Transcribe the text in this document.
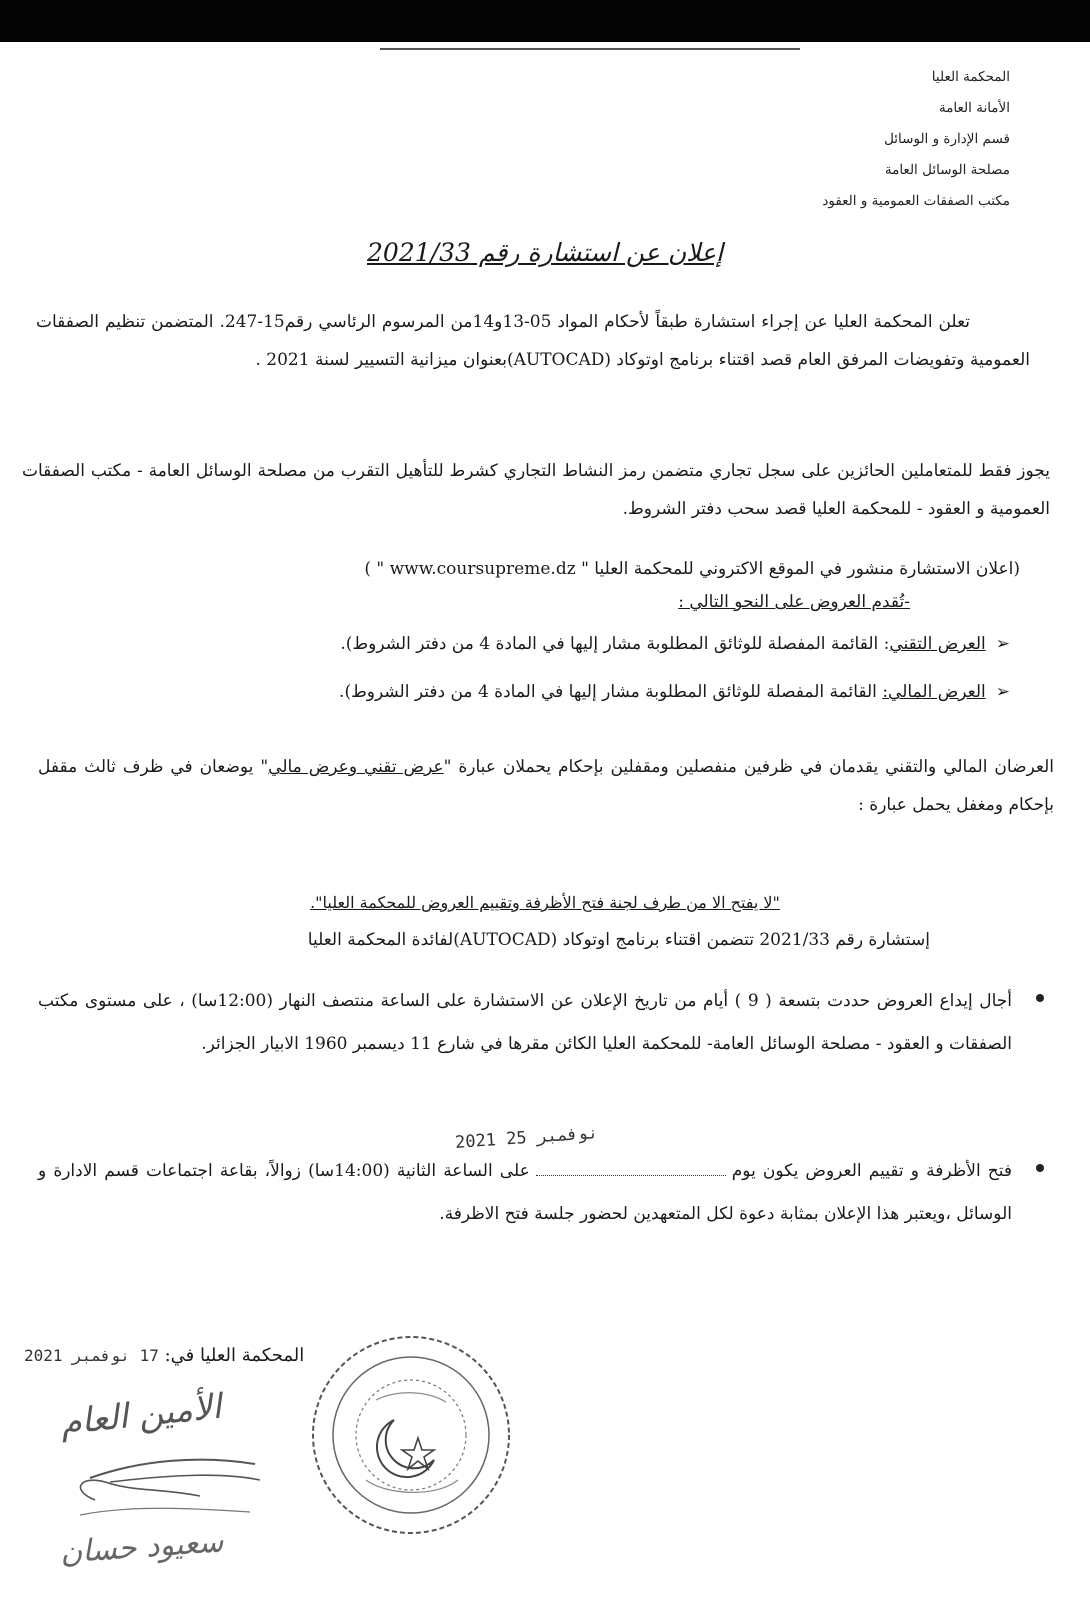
المحكمة العليا
الأمانة العامة
قسم الإدارة و الوسائل
مصلحة الوسائل العامة
مكتب الصفقات العمومية و العقود
إعلان عن استشارة رقم 2021/33
تعلن المحكمة العليا عن إجراء استشارة طبقاً لأحكام المواد 05-13و14من المرسوم الرئاسي رقم15-247. المتضمن تنظيم الصفقات العمومية وتفويضات المرفق العام قصد اقتناء برنامج اوتوكاد (AUTOCAD)بعنوان ميزانية التسيير لسنة 2021 .
يجوز فقط للمتعاملين الحائزين على سجل تجاري متضمن رمز النشاط التجاري كشرط للتأهيل التقرب من مصلحة الوسائل العامة - مكتب الصفقات العمومية و العقود - للمحكمة العليا قصد سحب دفتر الشروط.
(اعلان الاستشارة منشور في الموقع الاكتروني للمحكمة العليا " www.coursupreme.dz " )
-تُقدم العروض على النحو التالي :
➢العرض التقني: القائمة المفصلة للوثائق المطلوبة مشار إليها في المادة 4 من دفتر الشروط).
➢العرض المالي: القائمة المفصلة للوثائق المطلوبة مشار إليها في المادة 4 من دفتر الشروط).
العرضان المالي والتقني يقدمان في ظرفين منفصلين ومقفلين بإحكام يحملان عبارة "عرض تقني وعرض مالي" يوضعان في ظرف ثالث مقفل بإحكام ومغفل يحمل عبارة :
"لا يفتح الا من طرف لجنة فتح الأظرفة وتقييم العروض للمحكمة العليا".
إستشارة رقم 2021/33 تتضمن اقتناء برنامج اوتوكاد (AUTOCAD)لفائدة المحكمة العليا
أجال إيداع العروض حددت بتسعة ( 9 ) أيام من تاريخ الإعلان عن الاستشارة على الساعة منتصف النهار (12:00سا) ، على مستوى مكتب الصفقات و العقود - مصلحة الوسائل العامة- للمحكمة العليا الكائن مقرها في شارع 11 ديسمبر 1960 الابيار الجزائر.
2021 نوفمبر 25
فتح الأظرفة و تقييم العروض يكون يومعلى الساعة الثانية (14:00سا) زوالاً، بقاعة اجتماعات قسم الادارة و الوسائل ،ويعتبر هذا الإعلان بمثابة دعوة لكل المتعهدين لحضور جلسة فتح الاظرفة.
المحكمة العليا في: 17 نوفمبر 2021
الأمين العام
سعيود حسان
